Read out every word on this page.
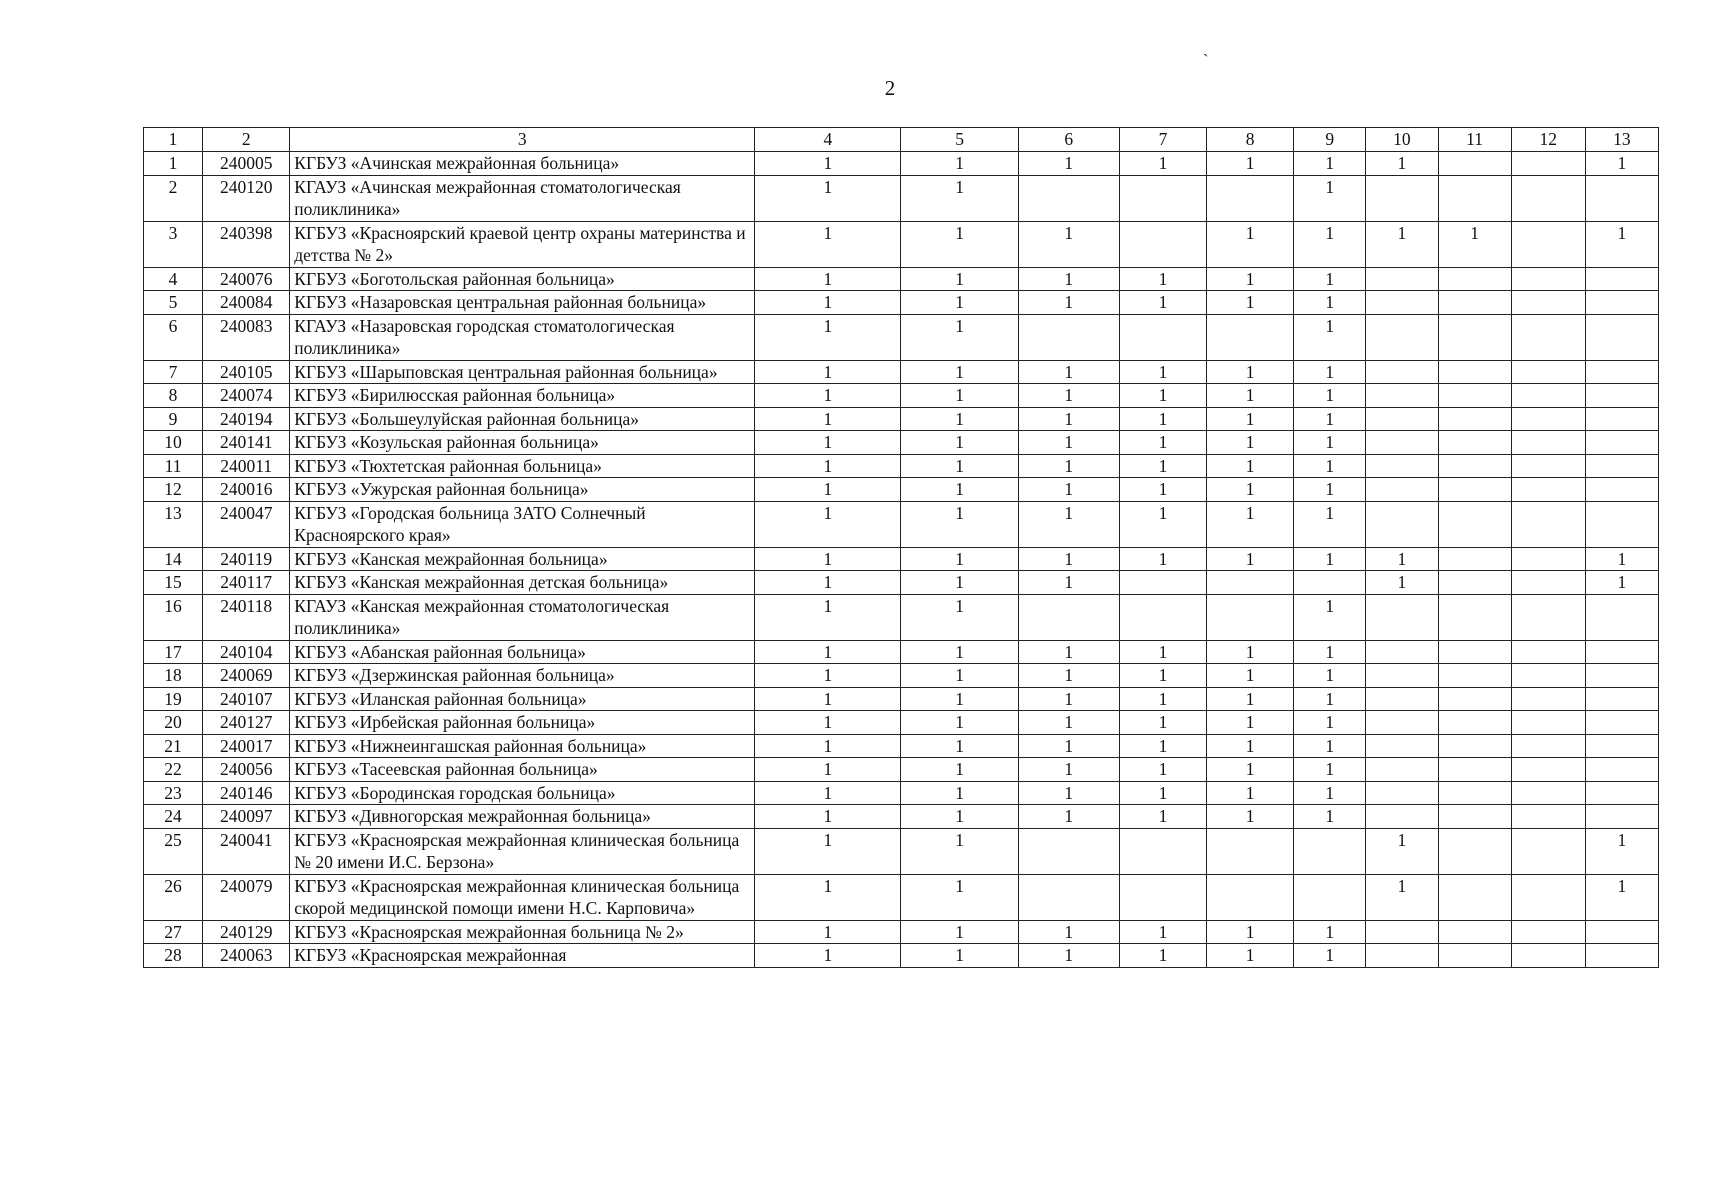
2
`
1	2	3	4	5	6	7	8	9	10	11	12	13
1	240005	КГБУЗ «Ачинская межрайонная больница»	1	1	1	1	1	1	1			1
2	240120	КГАУЗ «Ачинская межрайонная стоматологическая поликлиника»	1	1				1				
3	240398	КГБУЗ «Красноярский краевой центр охраны материнства и детства № 2»	1	1	1		1	1	1	1		1
4	240076	КГБУЗ «Боготольская районная больница»	1	1	1	1	1	1				
5	240084	КГБУЗ «Назаровская центральная районная больница»	1	1	1	1	1	1				
6	240083	КГАУЗ «Назаровская городская стоматологическая поликлиника»	1	1				1				
7	240105	КГБУЗ «Шарыповская центральная районная больница»	1	1	1	1	1	1				
8	240074	КГБУЗ «Бирилюсская районная больница»	1	1	1	1	1	1				
9	240194	КГБУЗ «Большеулуйская районная больница»	1	1	1	1	1	1				
10	240141	КГБУЗ «Козульская районная больница»	1	1	1	1	1	1				
11	240011	КГБУЗ «Тюхтетская районная больница»	1	1	1	1	1	1				
12	240016	КГБУЗ «Ужурская районная больница»	1	1	1	1	1	1				
13	240047	КГБУЗ «Городская больница ЗАТО Солнечный Красноярского края»	1	1	1	1	1	1				
14	240119	КГБУЗ «Канская межрайонная больница»	1	1	1	1	1	1	1			1
15	240117	КГБУЗ «Канская межрайонная детская больница»	1	1	1				1			1
16	240118	КГАУЗ «Канская межрайонная стоматологическая поликлиника»	1	1				1				
17	240104	КГБУЗ «Абанская районная больница»	1	1	1	1	1	1				
18	240069	КГБУЗ «Дзержинская районная больница»	1	1	1	1	1	1				
19	240107	КГБУЗ «Иланская районная больница»	1	1	1	1	1	1				
20	240127	КГБУЗ «Ирбейская районная больница»	1	1	1	1	1	1				
21	240017	КГБУЗ «Нижнеингашская районная больница»	1	1	1	1	1	1				
22	240056	КГБУЗ «Тасеевская районная больница»	1	1	1	1	1	1				
23	240146	КГБУЗ «Бородинская городская больница»	1	1	1	1	1	1				
24	240097	КГБУЗ «Дивногорская межрайонная больница»	1	1	1	1	1	1				
25	240041	КГБУЗ «Красноярская межрайонная клиническая больница № 20 имени И.С. Берзона»	1	1					1			1
26	240079	КГБУЗ «Красноярская межрайонная клиническая больница скорой медицинской помощи имени Н.С. Карповича»	1	1					1			1
27	240129	КГБУЗ «Красноярская межрайонная больница № 2»	1	1	1	1	1	1				
28	240063	КГБУЗ «Красноярская межрайонная	1	1	1	1	1	1				
